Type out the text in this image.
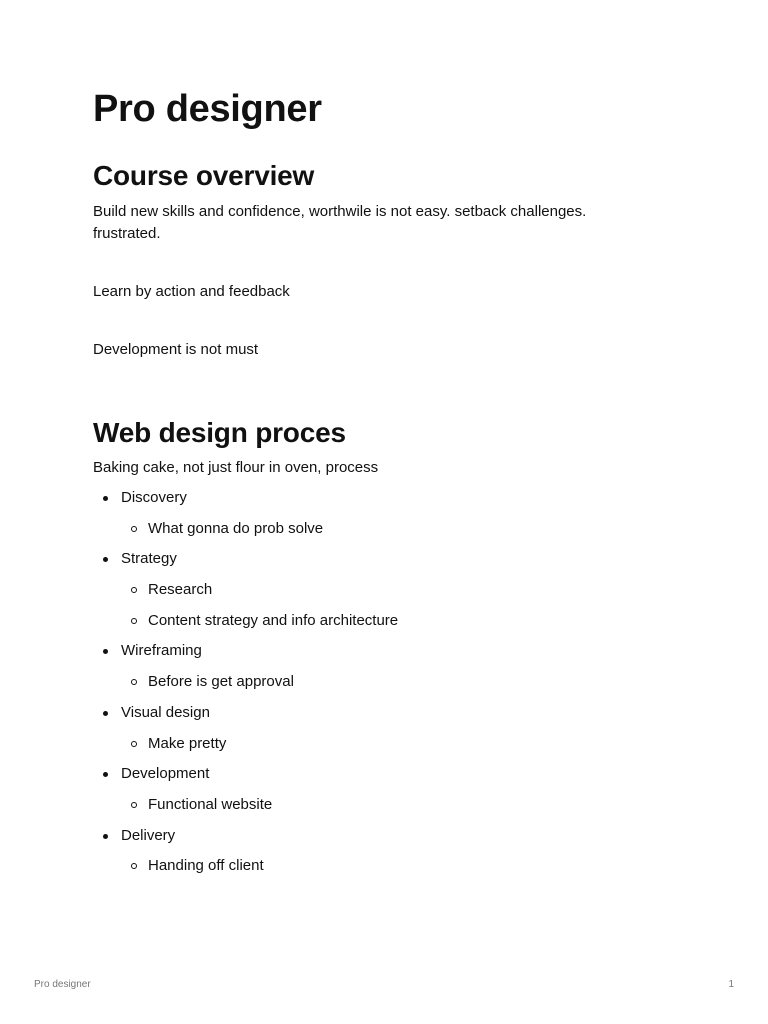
Pro designer
Course overview

Build new skills and confidence, worthwile is not easy. setback challenges. frustrated.

Learn by action and feedback

Development is not must

Web design proces

Baking cake, not just flour in oven, process

Discovery
What gonna do prob solve
Strategy
Research
Content strategy and info architecture
Wireframing
Before is get approval
Visual design
Make pretty
Development
Functional website
Delivery
Handing off client
Pro designer	1
